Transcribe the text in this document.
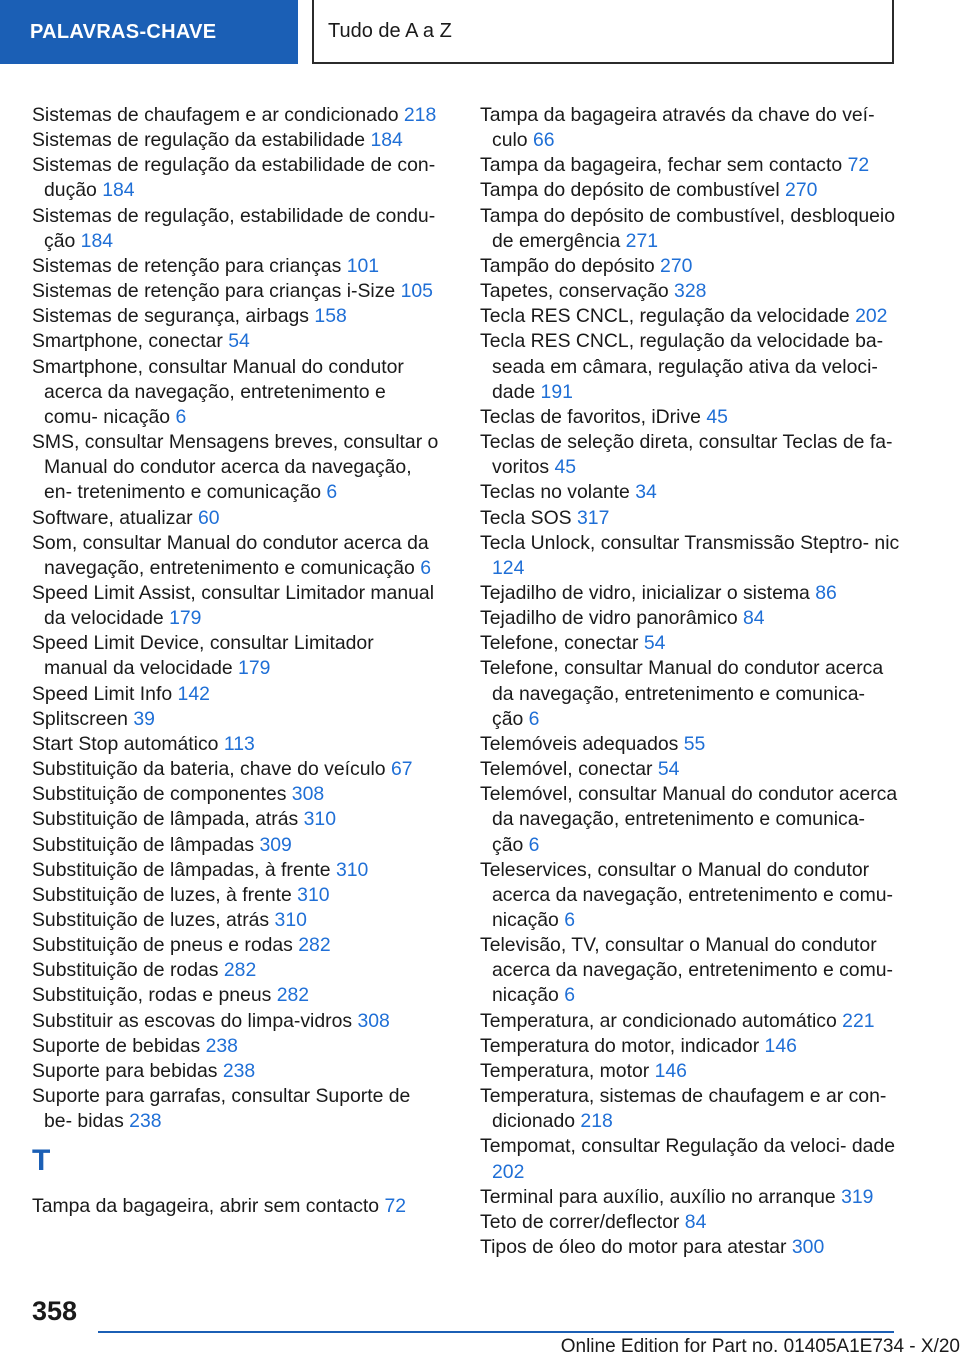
PALAVRAS-CHAVE	Tudo de A a Z
Sistemas de chaufagem e ar condicionado 218
Sistemas de regulação da estabilidade 184
Sistemas de regulação da estabilidade de con‐ dução 184
Sistemas de regulação, estabilidade de condu‐ ção 184
Sistemas de retenção para crianças 101
Sistemas de retenção para crianças i-Size 105
Sistemas de segurança, airbags 158
Smartphone, conectar 54
Smartphone, consultar Manual do condutor acerca da navegação, entretenimento e comu‐ nicação 6
SMS, consultar Mensagens breves, consultar o Manual do condutor acerca da navegação, en‐ tretenimento e comunicação 6
Software, atualizar 60
Som, consultar Manual do condutor acerca da navegação, entretenimento e comunicação 6
Speed Limit Assist, consultar Limitador manual da velocidade 179
Speed Limit Device, consultar Limitador manual da velocidade 179
Speed Limit Info 142
Splitscreen 39
Start Stop automático 113
Substituição da bateria, chave do veículo 67
Substituição de componentes 308
Substituição de lâmpada, atrás 310
Substituição de lâmpadas 309
Substituição de lâmpadas, à frente 310
Substituição de luzes, à frente 310
Substituição de luzes, atrás 310
Substituição de pneus e rodas 282
Substituição de rodas 282
Substituição, rodas e pneus 282
Substituir as escovas do limpa-vidros 308
Suporte de bebidas 238
Suporte para bebidas 238
Suporte para garrafas, consultar Suporte de be‐ bidas 238
T
Tampa da bagageira, abrir sem contacto 72
Tampa da bagageira através da chave do veí‐ culo 66
Tampa da bagageira, fechar sem contacto 72
Tampa do depósito de combustível 270
Tampa do depósito de combustível, desbloqueio de emergência 271
Tampão do depósito 270
Tapetes, conservação 328
Tecla RES CNCL, regulação da velocidade 202
Tecla RES CNCL, regulação da velocidade ba‐ seada em câmara, regulação ativa da veloci‐ dade 191
Teclas de favoritos, iDrive 45
Teclas de seleção direta, consultar Teclas de fa‐ voritos 45
Teclas no volante 34
Tecla SOS 317
Tecla Unlock, consultar Transmissão Steptro‐ nic 124
Tejadilho de vidro, inicializar o sistema 86
Tejadilho de vidro panorâmico 84
Telefone, conectar 54
Telefone, consultar Manual do condutor acerca da navegação, entretenimento e comunica‐ ção 6
Telemóveis adequados 55
Telemóvel, conectar 54
Telemóvel, consultar Manual do condutor acerca da navegação, entretenimento e comunica‐ ção 6
Teleservices, consultar o Manual do condutor acerca da navegação, entretenimento e comu‐ nicação 6
Televisão, TV, consultar o Manual do condutor acerca da navegação, entretenimento e comu‐ nicação 6
Temperatura, ar condicionado automático 221
Temperatura do motor, indicador 146
Temperatura, motor 146
Temperatura, sistemas de chaufagem e ar con‐ dicionado 218
Tempomat, consultar Regulação da veloci‐ dade 202
Terminal para auxílio, auxílio no arranque 319
Teto de correr/deflector 84
Tipos de óleo do motor para atestar 300
358
Online Edition for Part no. 01405A1E734 - X/20
